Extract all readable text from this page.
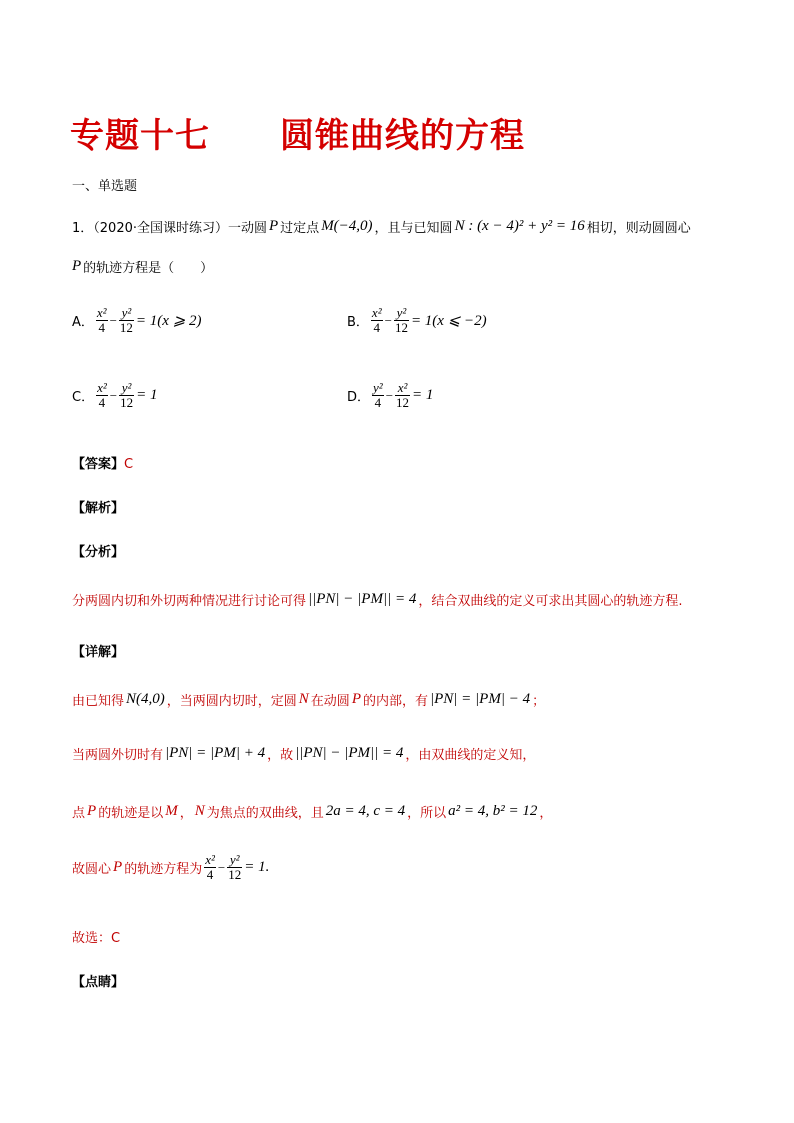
专题十七　　圆锥曲线的方程
一、单选题
1．（2020·全国课时练习）一动圆 P 过定点 M(−4,0) ，且与已知圆 N : (x − 4)² + y² = 16 相切，则动圆圆心
P 的轨迹方程是（　　）
A． $\frac{\text{x²}}{4} - \frac{\text{y²}}{12} = 1(x$ ⩾ 2)	B． $\frac{\text{x²}}{4} - \frac{\text{y²}}{12} = 1(x$ ⩽ −2)
C． $\frac{\text{x²}}{4} - \frac{\text{y²}}{12} = 1$	D． $\frac{\text{y²}}{4} - \frac{\text{x²}}{12} = 1$
【答案】C
【解析】
【分析】
分两圆内切和外切两种情况进行讨论可得 ||PN| − |PM|| = 4 ，结合双曲线的定义可求出其圆心的轨迹方程.
【详解】
由已知得 N(4,0) ，当两圆内切时，定圆 N 在动圆 P 的内部，有 |PN| = |PM| − 4 ；
当两圆外切时有 |PN| = |PM| + 4 ，故 ||PN| − |PM|| = 4 ，由双曲线的定义知，
点 P 的轨迹是以 M ， N 为焦点的双曲线，且 2a = 4, c = 4 ，所以 a² = 4, b² = 12 ，
故圆心 P 的轨迹方程为 $\frac{\text{x²}}{4} - \frac{\text{y²}}{12} = 1$.
故选：C
【点睛】
